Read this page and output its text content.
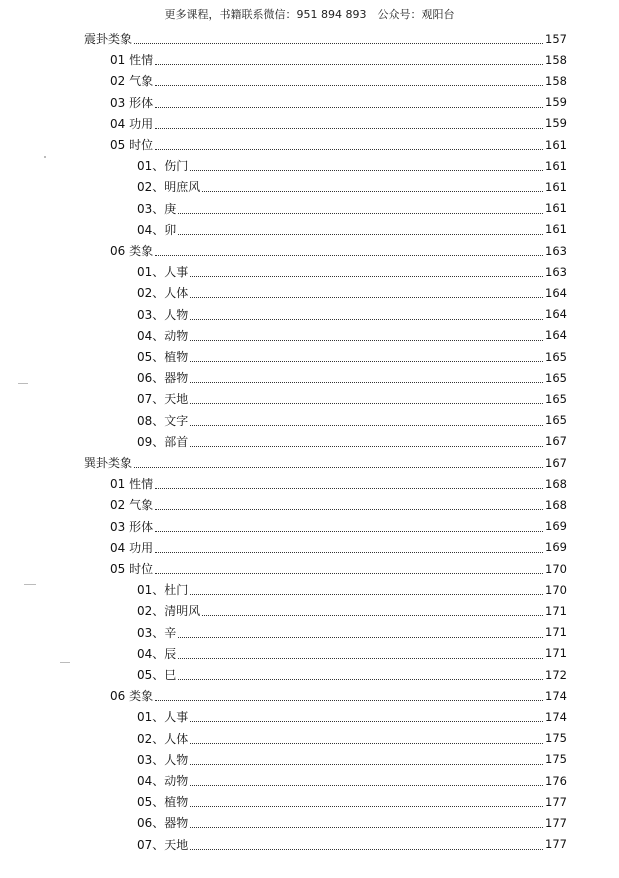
更多课程，书籍联系微信：951 894 893　公众号：观阳台
震卦类象	157
01 性情	158
02 气象	158
03 形体	159
04 功用	159
05 时位	161
01、伤门	161
02、明庶风	161
03、庚	161
04、卯	161
06 类象	163
01、人事	163
02、人体	164
03、人物	164
04、动物	164
05、植物	165
06、器物	165
07、天地	165
08、文字	165
09、部首	167
巽卦类象	167
01 性情	168
02 气象	168
03 形体	169
04 功用	169
05 时位	170
01、杜门	170
02、清明风	171
03、辛	171
04、辰	171
05、巳	172
06 类象	174
01、人事	174
02、人体	175
03、人物	175
04、动物	176
05、植物	177
06、器物	177
07、天地	177
